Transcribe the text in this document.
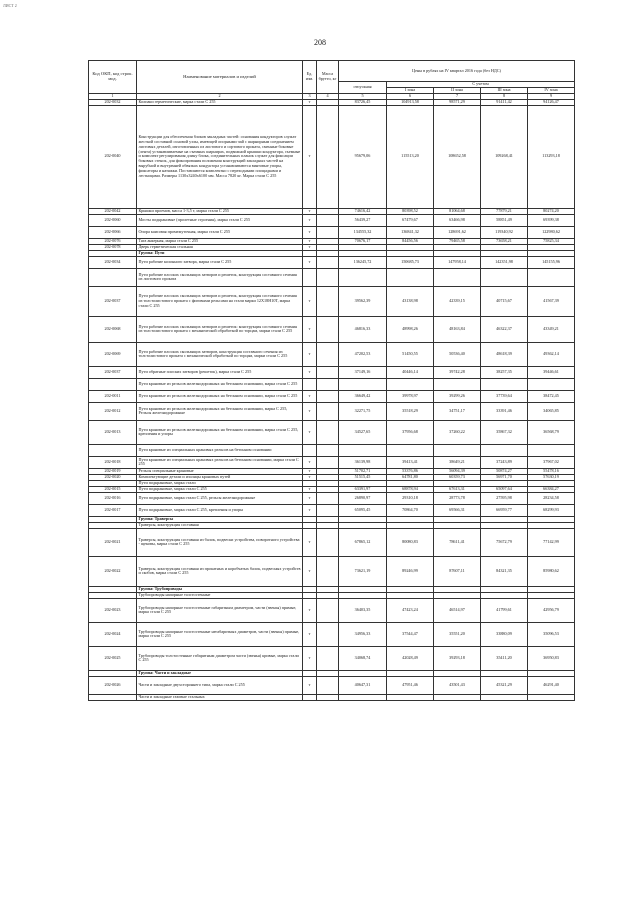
ЛИСТ 2
208
Код ОКП, код строк. мод.	Наименование материалов и изделий	Ед. изм.	Масса брутто, кг	Цены в рублях на IV квартал 2016 года (без НДС)				
				отпускная	С учетом			
					I зона	II зона	III зона	IV зона
1	2	3	4	5	6	7	8	9
202-0032	Колпаки герметические, марка стали С 255	т		83726,45	104913,58	98571,29	91411,42	94126,47
202-0040	Конструкции для обеспечения блоков закладных частей: основания кондукторов служат жесткой составной основой узлы, имеющей опорными чай с шарнирным соединением листовых деталей, изготовленных из листового и сортового проката, сменные боковые (лента) устанавливаемые на съемных шарнирах, подвижной крышки кондуктора, съемные и комплект регулирования длину блока, соединительных планок служат для фиксации боковых стенок, для фиксирования положения конструкций закладных частей на вырубной и внутренней обвязках кондуктора устанавливаются винтовые упоры, фиксаторы и натяжки. Поставляются комплектно с переходными площадками и лестницами. Размеры 1130х3240х6100 мм. Масса 7820 кг. Марка стали С 255	т		95679,06	115513,20	108652,58	109268,41	113293,18
202-0042	Крышки проемов, масса 1-3,5 т, марка стали С 255	т		74616,42	80398,52	81064,68	77879,21	80274,20
202-0060	Мосты подкрановые (пролетные строения), марка стали С 255	т		56439,27	67479,67	63466,98	58851,49	69399,38
202-0066	Опора каисовая промежуточная, марка стали С 255	т		134555,32	136841,32	128691,62	119340,92	122980,62
202-0076	Тяга анкерная, марка стали С 255	т		70676,17	84456,56	79465,58	73658,21	75825,34
202-0078	Дверь герметическая стальная	т						
	Группа: Пути							
202-0034	Пути рабочие колонного затвора, марка стали С 255	т		136245,72	150685,73	147958,14	142351,98	145155,96
	Пути рабочие плоских скользящих затворов и решеток, конструкция составного сечения из листового проката							
202-0037	Пути рабочие плоских скользящих затворов и решеток, конструкция составного сечения из толстолистового проката с фиговыми рельсами на стали марки 12Х18Н10Т, марка стали С 255	т		39562,39	43138,98	42339,15	40715,67	41567,39
202-0068	Пути рабочие плоских скользящих затворов и решеток: конструкция составного сечения из толстолистового проката с механической обработкой по торцам, марки стали С 255	т		46816,33	48998,26	48163,84	46322,37	43349,21
202-0069	Пути рабочие плоских скользящих затворов, конструкция составного сечения из толстолистового проката с механической обработкой по торцам, марки стали С 255	т		47202,53	51450,55	50536,40	48618,39	49362,14
202-0037	Пути обратные плоских затворов (решеток), марка стали С 255	т		37149,16	40446,14	39742,28	38257,35	39446,61
	Пути крановые из рельсов железнодорожных на бетонном основании, марка стали С 255							
202-0011	Пути крановые из рельсов железнодорожных на бетонном основании, марка стали С 255	т		36649,42	39978,97	39299,26	37739,64	38472,45
202-0012	Пути крановые из рельсов железнодорожных на бетонном основании, марка С 255, Рельсы железнодорожные	т		32271,75	35518,29	34751,17	33391,46	34065,85
202-0013	Пути крановые из рельсов железнодорожных на бетонном основании, марка стали С 255, крепления и упоры	т		34527,65	37956,68	37260,22	35867,32	36568,79
	Пути крановые из специальных крановых рельсов на бетонном основании							
202-0018	Пути крановые из специальных крановых рельсов на бетонном основании, марка стали С 255	т		36139,98	39413,41	38649,21	37243,89	37967,02
202-0019	Рельсы специальные крановые	т		51702,71	53376,86	56094,39	50874,27	55478,16
202-0020	Комплектующие детали и изоляцы крановых путей	т		51515,45	64781,80	60359,73	56971,70	57630,19
	Пути подкрановые, марка стали							
202-0015	Пути подкрановые, марка стали С 255	т		63391,97	68878,94	67613,31	65097,64	66384,27
202-0016	Пути подкрановые, марка стали С 255, рельсы железнодорожные	т		26890,97	29310,18	28773,78	27595,98	28234,58
202-0017	Пути подкрановые, марка стали С 255, крепления и упоры	т		65095,45	70864,70	69566,31	66959,77	68299,93
	Группа: Траверсы							
	Траверсы, конструкция составная							
202-0021	Траверсы, конструкция составная из балок, подвески устройства, поворотного устройства - щековы, марка стали С 255	т		67865,12	80080,83	78611,41	75672,79	77142,99
202-0022	Траверсы, конструкция составная из прокатных и коробчатых балок, подвесных устройств и скобов, марка стали С 255	т		73621,19	89246,99	87607,11	84321,35	85980,62
	Группа: Трубопроводы							
	Трубопроводы напорные толстостенные							
202-0023	Трубопроводы напорные толстостенные габаритным диаметром, части (звенья) прямые, марка стали С 255	т		36403,35	47423,24	46514,97	41799,61	42956,79
202-0024	Трубопроводы напорные толстостенные негабаритных диаметров, части (звенья) прямые, марка стали С 255	т		34956,33	37544,47	35551,20	33880,09	35096,53
202-0025	Трубопроводы толстостенные габаритным диаметром части (звенья) кривые, марка стали С 255	т		34068,74	42028,49	39293,18	35411,20	36950,83
	Группа: Части и закладные							
202-0026	Части и закладные двухстороннего типа, марка стали С 255	т		40647,31	47951,46	43501,43	45321,29	46291,40
	Части и закладные газовые стальных							
